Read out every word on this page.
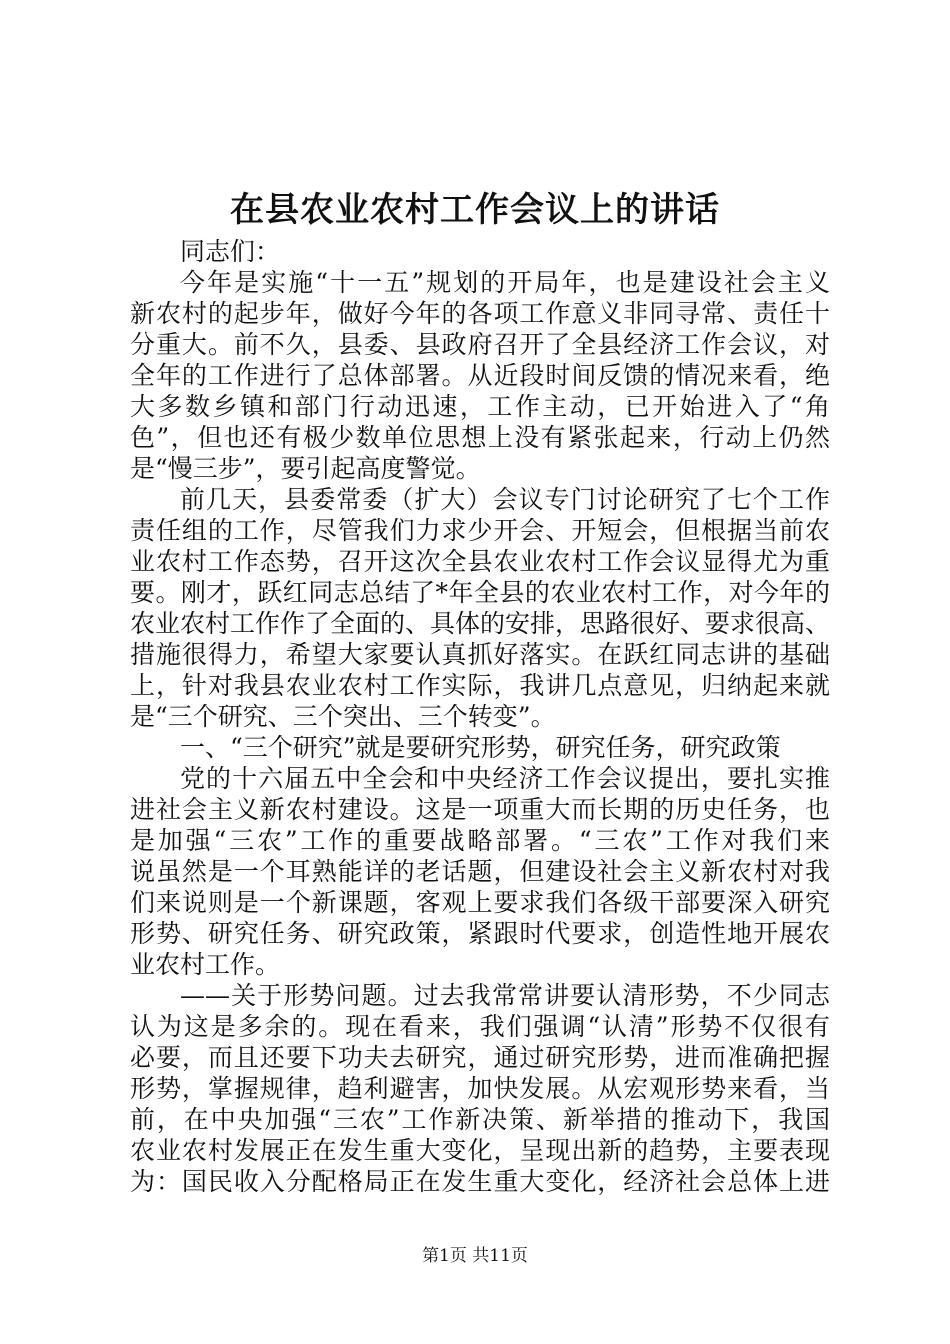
在县农业农村工作会议上的讲话
同志们：
今年是实施“十一五”规划的开局年，也是建设社会主义
新农村的起步年，做好今年的各项工作意义非同寻常、责任十
分重大。前不久，县委、县政府召开了全县经济工作会议，对
全年的工作进行了总体部署。从近段时间反馈的情况来看，绝
大多数乡镇和部门行动迅速，工作主动，已开始进入了“角
色”，但也还有极少数单位思想上没有紧张起来，行动上仍然
是“慢三步”，要引起高度警觉。
前几天，县委常委（扩大）会议专门讨论研究了七个工作
责任组的工作，尽管我们力求少开会、开短会，但根据当前农
业农村工作态势，召开这次全县农业农村工作会议显得尤为重
要。刚才，跃红同志总结了*年全县的农业农村工作，对今年的
农业农村工作作了全面的、具体的安排，思路很好、要求很高、
措施很得力，希望大家要认真抓好落实。在跃红同志讲的基础
上，针对我县农业农村工作实际，我讲几点意见，归纳起来就
是“三个研究、三个突出、三个转变”。
一、“三个研究”就是要研究形势，研究任务，研究政策
党的十六届五中全会和中央经济工作会议提出，要扎实推
进社会主义新农村建设。这是一项重大而长期的历史任务，也
是加强“三农”工作的重要战略部署。“三农”工作对我们来
说虽然是一个耳熟能详的老话题，但建设社会主义新农村对我
们来说则是一个新课题，客观上要求我们各级干部要深入研究
形势、研究任务、研究政策，紧跟时代要求，创造性地开展农
业农村工作。
——关于形势问题。过去我常常讲要认清形势，不少同志
认为这是多余的。现在看来，我们强调“认清”形势不仅很有
必要，而且还要下功夫去研究，通过研究形势，进而准确把握
形势，掌握规律，趋利避害，加快发展。从宏观形势来看，当
前，在中央加强“三农”工作新决策、新举措的推动下，我国
农业农村发展正在发生重大变化，呈现出新的趋势，主要表现
为：国民收入分配格局正在发生重大变化，经济社会总体上进
第1页 共11页
